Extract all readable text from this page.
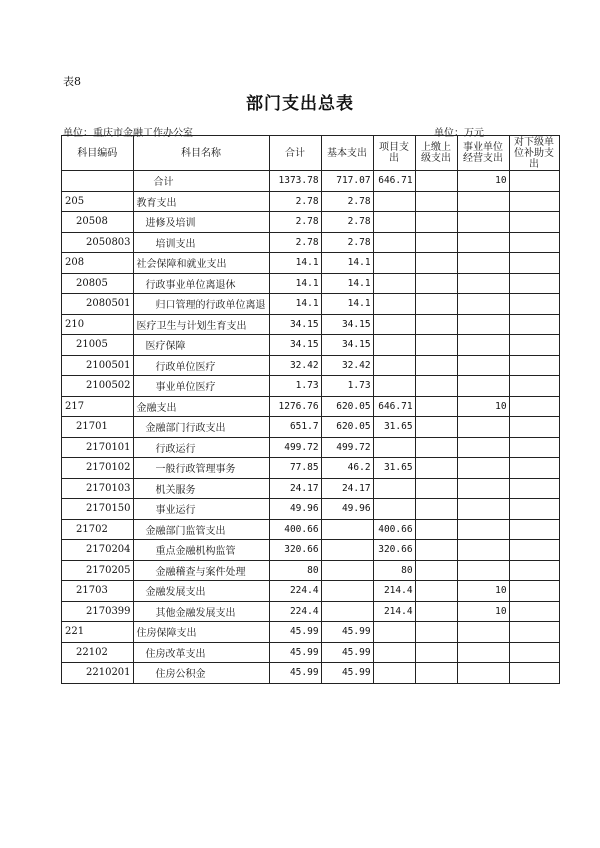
表8
部门支出总表
单位：重庆市金融工作办公室	单位：万元
科目编码	科目名称	合计	基本支出	项目支出	上缴上级支出	事业单位经营支出	对下级单位补助支出
	合计	1373.78	717.07	646.71		10	
205	教育支出	2.78	2.78				
20508	进修及培训	2.78	2.78				
2050803	培训支出	2.78	2.78				
208	社会保障和就业支出	14.1	14.1				
20805	行政事业单位离退休	14.1	14.1				
2080501	归口管理的行政单位离退	14.1	14.1				
210	医疗卫生与计划生育支出	34.15	34.15				
21005	医疗保障	34.15	34.15				
2100501	行政单位医疗	32.42	32.42				
2100502	事业单位医疗	1.73	1.73				
217	金融支出	1276.76	620.05	646.71		10	
21701	金融部门行政支出	651.7	620.05	31.65			
2170101	行政运行	499.72	499.72				
2170102	一般行政管理事务	77.85	46.2	31.65			
2170103	机关服务	24.17	24.17				
2170150	事业运行	49.96	49.96				
21702	金融部门监管支出	400.66		400.66			
2170204	重点金融机构监管	320.66		320.66			
2170205	金融稽查与案件处理	80		80			
21703	金融发展支出	224.4		214.4		10	
2170399	其他金融发展支出	224.4		214.4		10	
221	住房保障支出	45.99	45.99				
22102	住房改革支出	45.99	45.99				
2210201	住房公积金	45.99	45.99				
